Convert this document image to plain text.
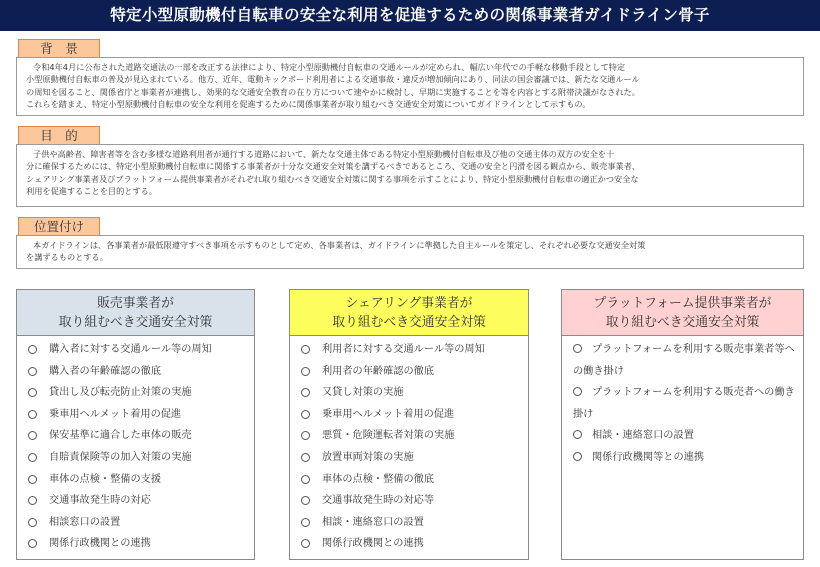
特定小型原動機付自転車の安全な利用を促進するための関係事業者ガイドライン骨子
背　景

令和4年4月に公布された道路交通法の一部を改正する法律により、特定小型原動機付自転車の交通ルールが定められ、幅広い年代での手軽な移動手段として特定

小型原動機付自転車の普及が見込まれている。他方、近年、電動キックボード利用者による交通事故・違反が増加傾向にあり、同法の国会審議では、新たな交通ルール

の周知を図ること、関係省庁と事業者が連携し、効果的な交通安全教育の在り方について速やかに検討し、早期に実施することを等を内容とする附帯決議がなされた。

これらを踏まえ、特定小型原動機付自転車の安全な利用を促進するために関係事業者が取り組むべき交通安全対策についてガイドラインとして示すもの。

目　的

子供や高齢者、障害者等を含む多様な道路利用者が通行する道路において、新たな交通主体である特定小型原動機付自転車及び他の交通主体の双方の安全を十

分に確保するためには、特定小型原動機付自転車に関係する事業者が十分な交通安全対策を講ずるべきであるところ、交通の安全と円滑を図る観点から、販売事業者、

シェアリング事業者及びプラットフォーム提供事業者がそれぞれ取り組むべき交通安全対策に関する事項を示すことにより、特定小型原動機付自転車の適正かつ安全な

利用を促進することを目的とする。

位置付け

本ガイドラインは、各事業者が最低限遵守すべき事項を示すものとして定め、各事業者は、ガイドラインに準拠した自主ルールを策定し、それぞれ必要な交通安全対策

を講ずるものとする。

販売事業者が
取り組むべき交通安全対策
購入者に対する交通ルール等の周知
購入者の年齢確認の徹底
貸出し及び転売防止対策の実施
乗車用ヘルメット着用の促進
保安基準に適合した車体の販売
自賠責保険等の加入対策の実施
車体の点検・整備の支援
交通事故発生時の対応
相談窓口の設置
関係行政機関との連携
シェアリング事業者が
取り組むべき交通安全対策
利用者に対する交通ルール等の周知
利用者の年齢確認の徹底
又貸し対策の実施
乗車用ヘルメット着用の促進
悪質・危険運転者対策の実施
放置車両対策の実施
車体の点検・整備の徹底
交通事故発生時の対応等
相談・連絡窓口の設置
関係行政機関との連携
プラットフォーム提供事業者が
取り組むべき交通安全対策
プラットフォームを利用する販売事業者等への働き掛け
プラットフォームを利用する販売者への働き掛け
相談・連絡窓口の設置
関係行政機関等との連携
